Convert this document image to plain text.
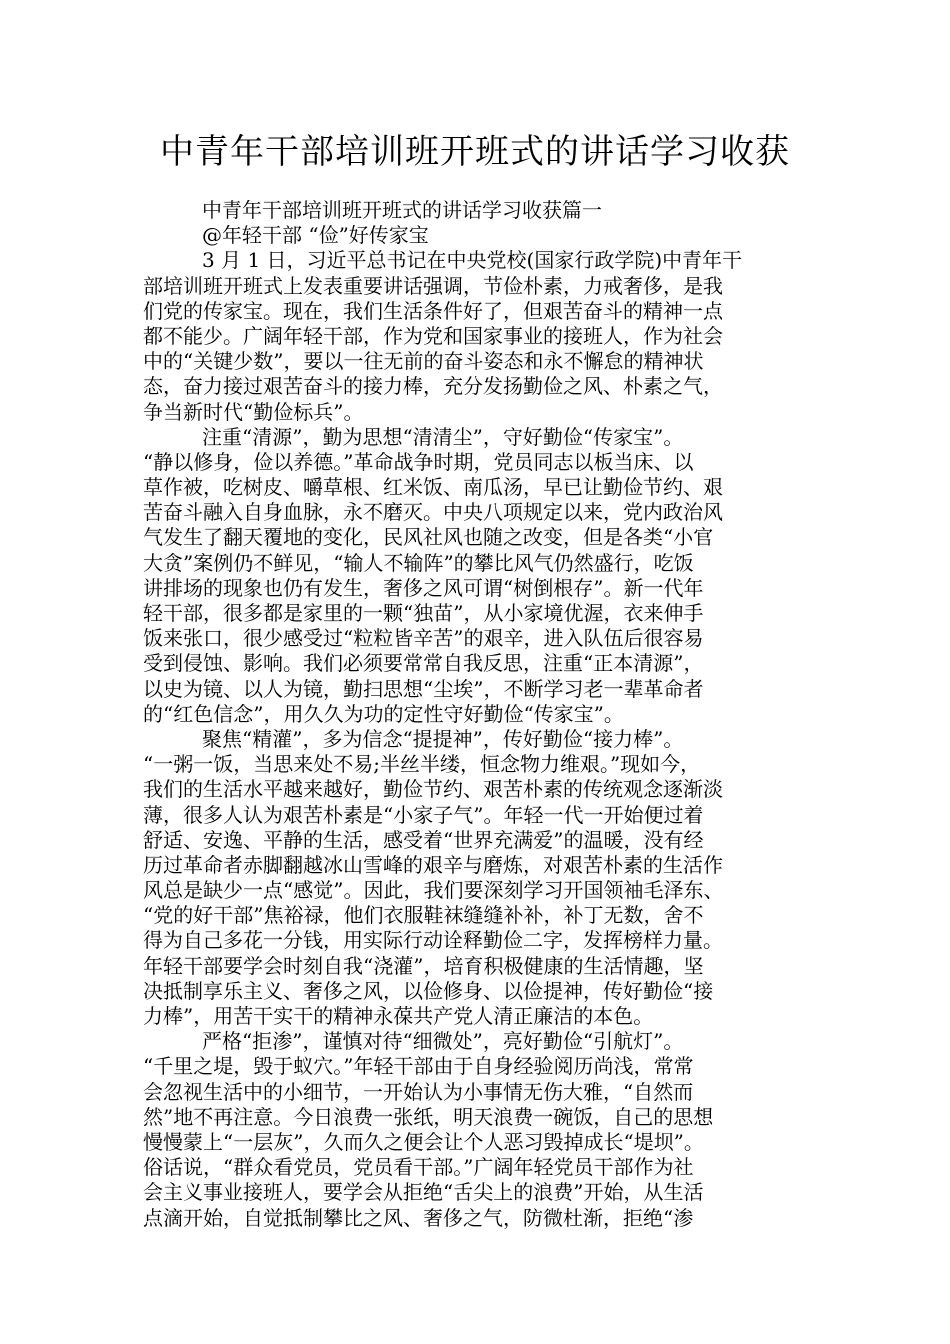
中青年干部培训班开班式的讲话学习收获
中青年干部培训班开班式的讲话学习收获篇一
@年轻干部 “俭”好传家宝
3 月 1 日，习近平总书记在中央党校(国家行政学院)中青年干
部培训班开班式上发表重要讲话强调，节俭朴素，力戒奢侈，是我
们党的传家宝。现在，我们生活条件好了，但艰苦奋斗的精神一点
都不能少。广阔年轻干部，作为党和国家事业的接班人，作为社会
中的“关键少数”，要以一往无前的奋斗姿态和永不懈怠的精神状
态，奋力接过艰苦奋斗的接力棒，充分发扬勤俭之风、朴素之气，
争当新时代“勤俭标兵”。
注重“清源”，勤为思想“清清尘”，守好勤俭“传家宝”。
“静以修身，俭以养德。”革命战争时期，党员同志以板当床、以
草作被，吃树皮、嚼草根、红米饭、南瓜汤，早已让勤俭节约、艰
苦奋斗融入自身血脉，永不磨灭。中央八项规定以来，党内政治风
气发生了翻天覆地的变化，民风社风也随之改变，但是各类“小官
大贪”案例仍不鲜见，“输人不输阵”的攀比风气仍然盛行，吃饭
讲排场的现象也仍有发生，奢侈之风可谓“树倒根存”。新一代年
轻干部，很多都是家里的一颗“独苗”，从小家境优渥，衣来伸手
饭来张口，很少感受过“粒粒皆辛苦”的艰辛，进入队伍后很容易
受到侵蚀、影响。我们必须要常常自我反思，注重“正本清源”，
以史为镜、以人为镜，勤扫思想“尘埃”，不断学习老一辈革命者
的“红色信念”，用久久为功的定性守好勤俭“传家宝”。
聚焦“精灌”，多为信念“提提神”，传好勤俭“接力棒”。
“一粥一饭，当思来处不易;半丝半缕，恒念物力维艰。”现如今，
我们的生活水平越来越好，勤俭节约、艰苦朴素的传统观念逐渐淡
薄，很多人认为艰苦朴素是“小家子气”。年轻一代一开始便过着
舒适、安逸、平静的生活，感受着“世界充满爱”的温暖，没有经
历过革命者赤脚翻越冰山雪峰的艰辛与磨炼，对艰苦朴素的生活作
风总是缺少一点“感觉”。因此，我们要深刻学习开国领袖毛泽东、
“党的好干部”焦裕禄，他们衣服鞋袜缝缝补补，补丁无数，舍不
得为自己多花一分钱，用实际行动诠释勤俭二字，发挥榜样力量。
年轻干部要学会时刻自我“浇灌”，培育积极健康的生活情趣，坚
决抵制享乐主义、奢侈之风，以俭修身、以俭提神，传好勤俭“接
力棒”，用苦干实干的精神永葆共产党人清正廉洁的本色。
严格“拒渗”，谨慎对待“细微处”，亮好勤俭“引航灯”。
“千里之堤，毁于蚁穴。”年轻干部由于自身经验阅历尚浅，常常
会忽视生活中的小细节，一开始认为小事情无伤大雅，“自然而
然”地不再注意。今日浪费一张纸，明天浪费一碗饭，自己的思想
慢慢蒙上“一层灰”，久而久之便会让个人恶习毁掉成长“堤坝”。
俗话说，“群众看党员，党员看干部。”广阔年轻党员干部作为社
会主义事业接班人，要学会从拒绝“舌尖上的浪费”开始，从生活
点滴开始，自觉抵制攀比之风、奢侈之气，防微杜渐，拒绝“渗
